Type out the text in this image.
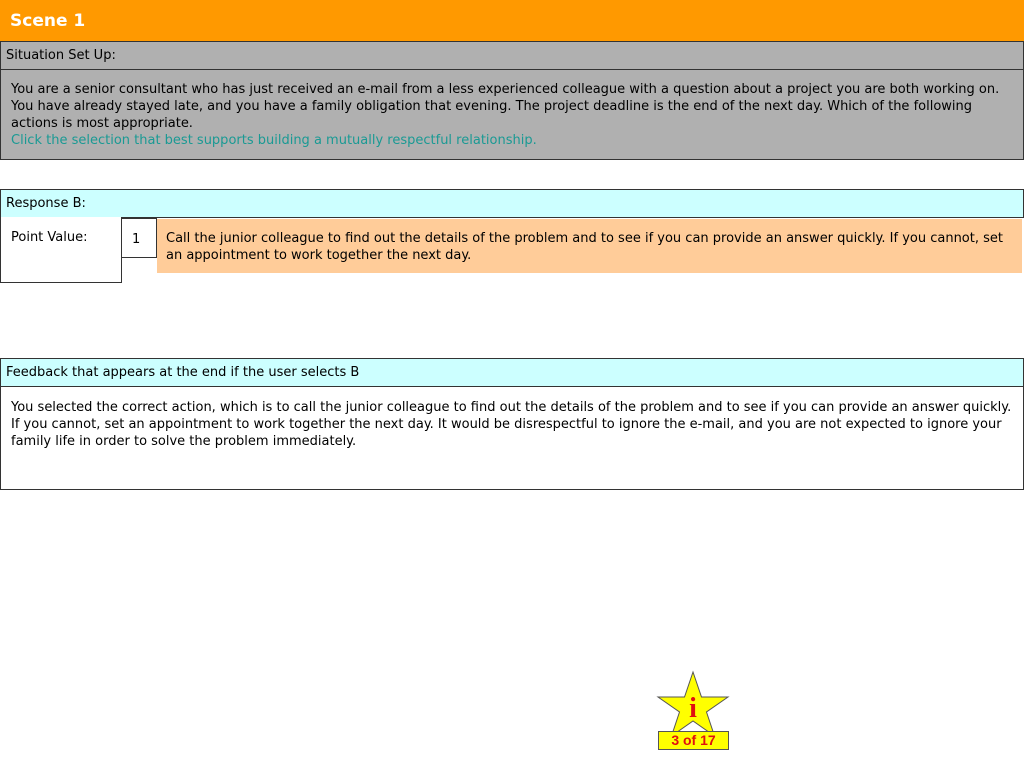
Scene 1
Situation Set Up:
You are a senior consultant who has just received an e-mail from a less experienced colleague with a question about a project you are both working on. You have already stayed late, and you have a family obligation that evening. The project deadline is the end of the next day. Which of the following actions is most appropriate.
Click the selection that best supports building a mutually respectful relationship.
Response B:
Point Value:	1	Call the junior colleague to find out the details of the problem and to see if you can provide an answer quickly. If you cannot, set an appointment to work together the next day.
Feedback that appears at the end if the user selects B
You selected the correct action, which is to call the junior colleague to find out the details of the problem and to see if you can provide an answer quickly. If you cannot, set an appointment to work together the next day. It would be disrespectful to ignore the e-mail, and you are not expected to ignore your family life in order to solve the problem immediately.
i
3 of 17
